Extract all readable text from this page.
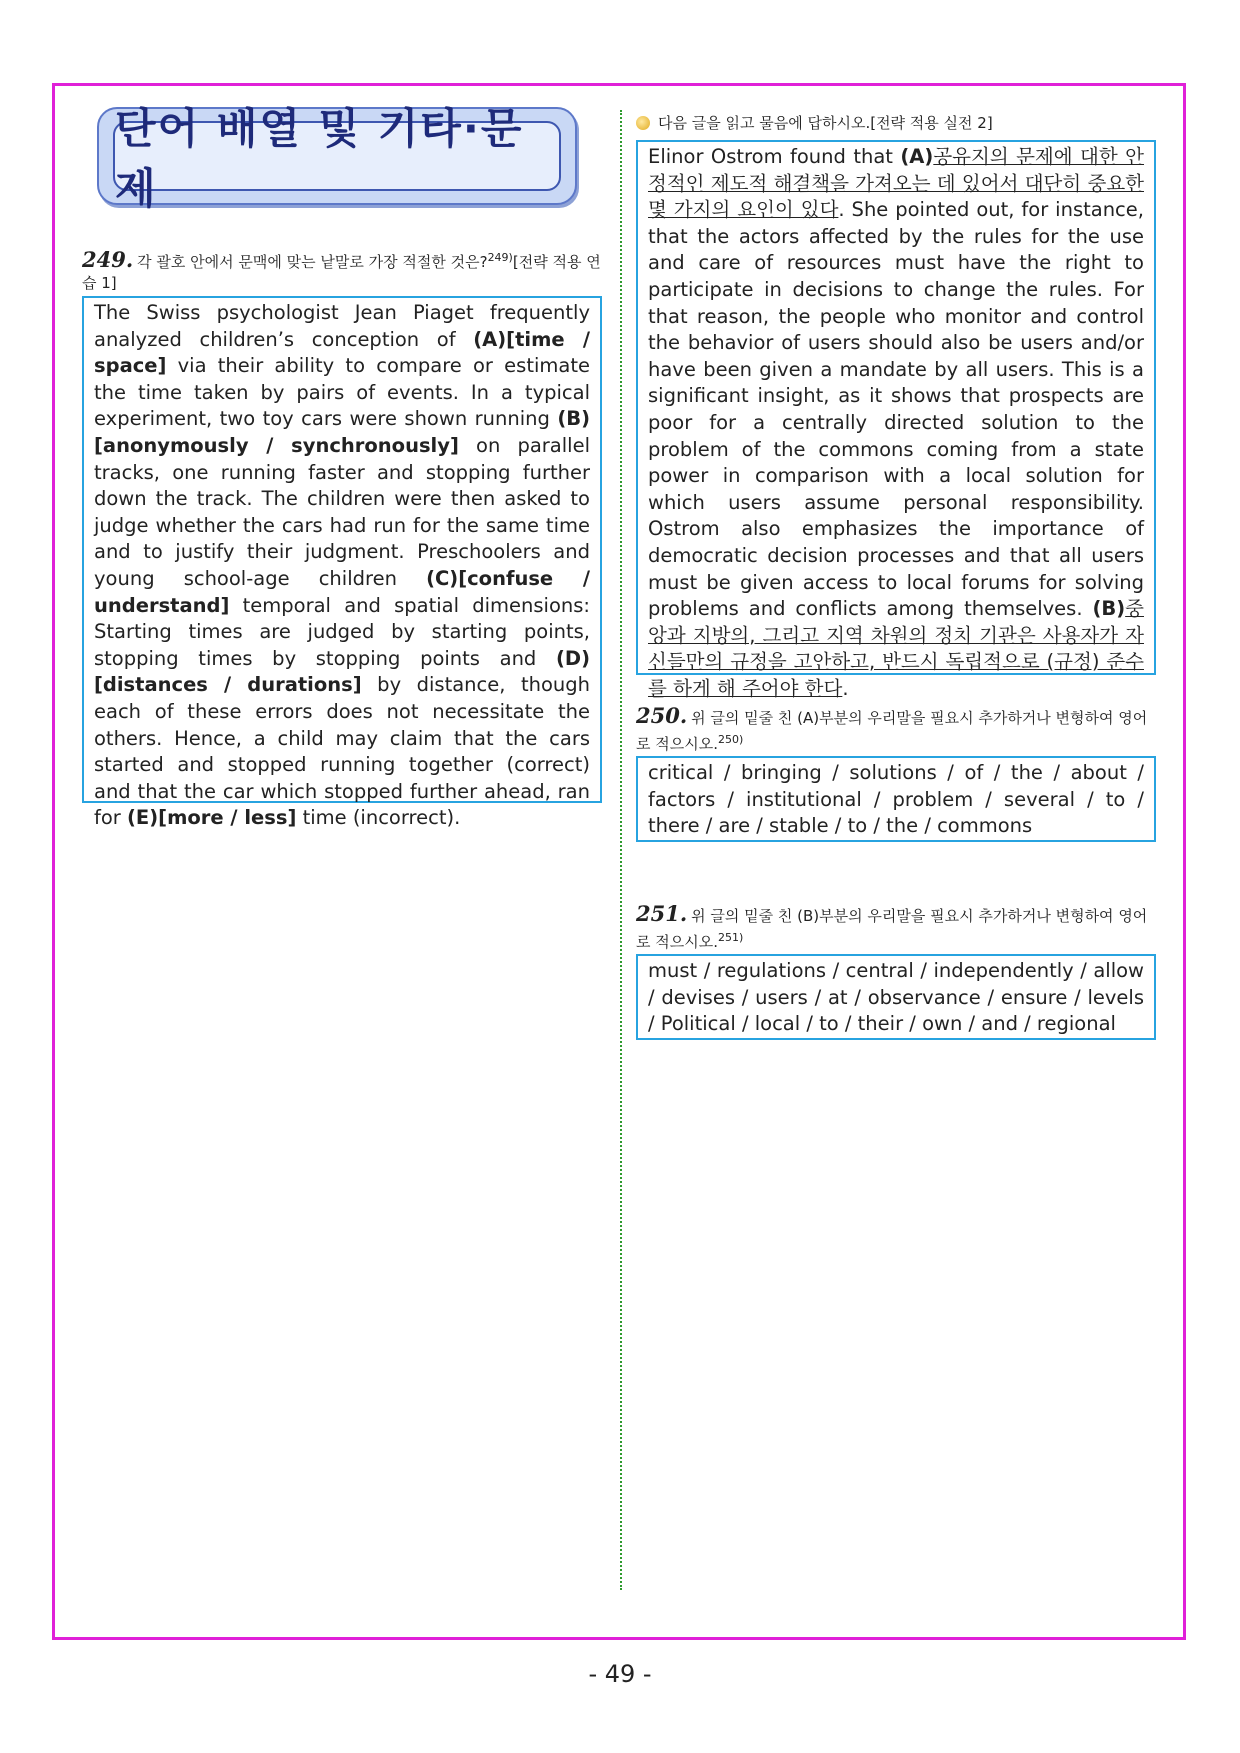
단어 배열 및 기타·문제
249. 각 괄호 안에서 문맥에 맞는 낱말로 가장 적절한 것은?$^{249)}$[전략 적용 연습 1]
The Swiss psychologist Jean Piaget frequently analyzed children’s conception of (A)[time / space] via their ability to compare or estimate the time taken by pairs of events. In a typical experiment, two toy cars were shown running (B)[anonymously / synchronously] on parallel tracks, one running faster and stopping further down the track. The children were then asked to judge whether the cars had run for the same time and to justify their judgment. Preschoolers and young school-age children (C)[confuse / understand] temporal and spatial dimensions: Starting times are judged by starting points, stopping times by stopping points and (D)[distances / durations] by distance, though each of these errors does not necessitate the others. Hence, a child may claim that the cars started and stopped running together (correct) and that the car which stopped further ahead, ran for (E)[more / less] time (incorrect).
다음 글을 읽고 물음에 답하시오.[전략 적용 실전 2]
Elinor Ostrom found that (A)공유지의 문제에 대한 안정적인 제도적 해결책을 가져오는 데 있어서 대단히 중요한 몇 가지의 요인이 있다. She pointed out, for instance, that the actors affected by the rules for the use and care of resources must have the right to participate in decisions to change the rules. For that reason, the people who monitor and control the behavior of users should also be users and/or have been given a mandate by all users. This is a significant insight, as it shows that prospects are poor for a centrally directed solution to the problem of the commons coming from a state power in comparison with a local solution for which users assume personal responsibility. Ostrom also emphasizes the importance of democratic decision processes and that all users must be given access to local forums for solving problems and conflicts among themselves. (B)중앙과 지방의, 그리고 지역 차원의 정치 기관은 사용자가 자신들만의 규정을 고안하고, 반드시 독립적으로 (규정) 준수를 하게 해 주어야 한다.
250. 위 글의 밑줄 친 (A)부분의 우리말을 필요시 추가하거나 변형하여 영어로 적으시오.$^{250)}$
critical / bringing / solutions / of / the / about / factors / institutional / problem / several / to / there / are / stable / to / the / commons
251. 위 글의 밑줄 친 (B)부분의 우리말을 필요시 추가하거나 변형하여 영어로 적으시오.$^{251)}$
must / regulations / central / independently / allow / devises / users / at / observance / ensure / levels / Political / local / to / their / own / and / regional
- 49 -
